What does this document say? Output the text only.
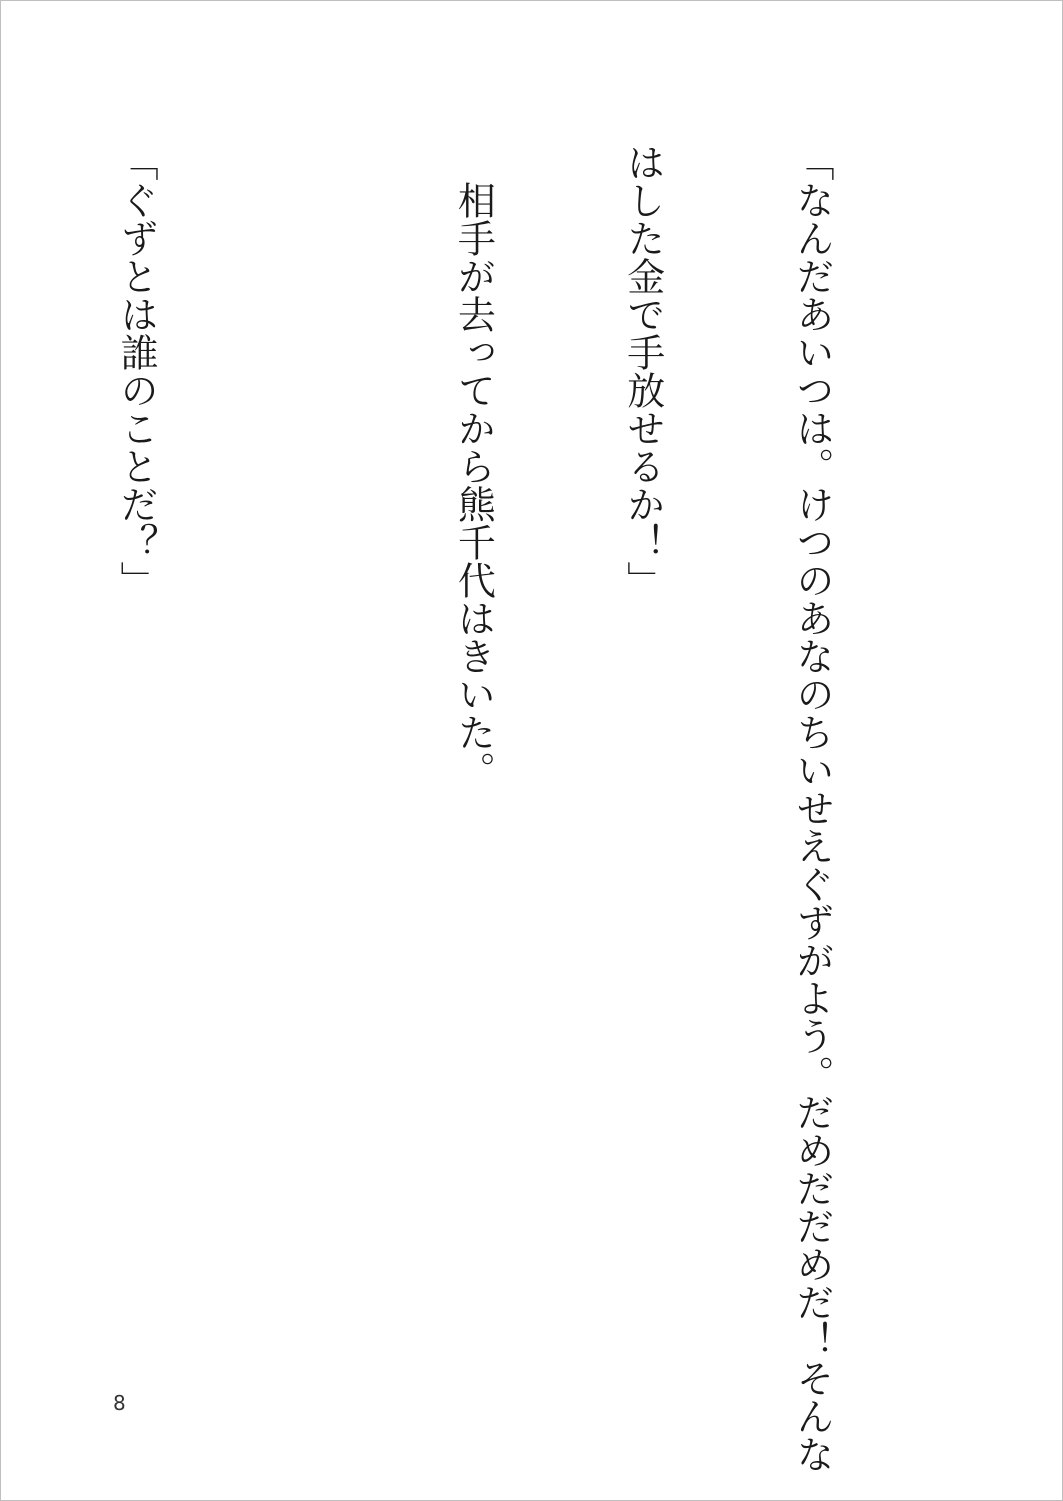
「なんだあいつは。けつのあなのちいせえぐずがよう。だめだだめだ！そんな

はした金で手放せるか！」

　相手が去ってから熊千代はきいた。

「ぐずとは誰のことだ？」

8
